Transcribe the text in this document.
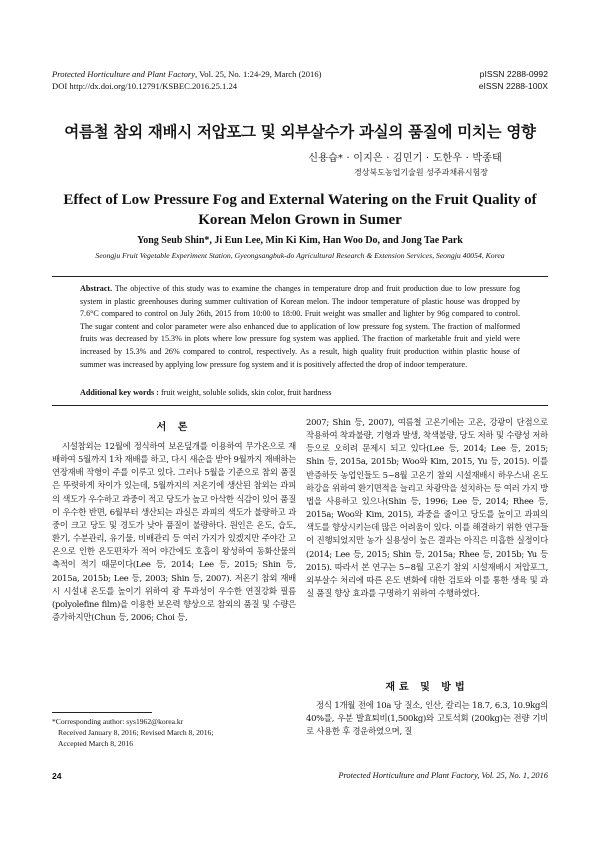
Protected Horticulture and Plant Factory, Vol. 25, No. 1:24-29, March (2016)
DOI http://dx.doi.org/10.12791/KSBEC.2016.25.1.24
pISSN 2288-0992
eISSN 2288-100X
여름철 참외 재배시 저압포그 및 외부살수가 과실의 품질에 미치는 영향
신용습* · 이지은 · 김민기 · 도한우 · 박종태
경상북도농업기술원 성주과채류시험장
Effect of Low Pressure Fog and External Watering on the Fruit Quality of Korean Melon Grown in Sumer
Yong Seub Shin*, Ji Eun Lee, Min Ki Kim, Han Woo Do, and Jong Tae Park
Seongju Fruit Vegetable Experiment Station, Gyeongsangbuk-do Agricultural Research & Extension Services, Seongju 40054, Korea
Abstract. The objective of this study was to examine the changes in temperature drop and fruit production due to low pressure fog system in plastic greenhouses during summer cultivation of Korean melon. The indoor temperature of plastic house was dropped by 7.6°C compared to control on July 26th, 2015 from 10:00 to 18:00. Fruit weight was smaller and lighter by 96g compared to control. The sugar content and color parameter were also enhanced due to application of low pressure fog system. The fraction of malformed fruits was decreased by 15.3% in plots where low pressure fog system was applied. The fraction of marketable fruit and yield were increased by 15.3% and 26% compared to control, respectively. As a result, high quality fruit production within plastic house of summer was increased by applying low pressure fog system and it is positively affected the drop of indoor temperature.
Additional key words : fruit weight, soluble solids, skin color, fruit hardness
서 론

시설참외는 12월에 정식하여 보온덮개를 이용하여 무가온으로 재배하여 5월까지 1차 재배를 하고, 다시 새순을 받아 9월까지 재배하는 연장재배 작형이 주를 이루고 있다. 그러나 5월을 기준으로 참외 품질은 뚜렷하게 차이가 있는데, 5월까지의 저온기에 생산된 참외는 과피의 색도가 우수하고 과중이 적고 당도가 높고 아삭한 식감이 있어 품질이 우수한 반면, 6월부터 생산되는 과실은 과피의 색도가 불량하고 과중이 크고 당도 및 경도가 낮아 품질이 불량하다. 원인은 온도, 습도, 환기, 수분관리, 유기물, 비배관리 등 여러 가지가 있겠지만 주야간 고온으로 인한 온도편차가 적어 야간에도 호흡이 왕성하여 동화산물의 축적이 적기 때문이다(Lee 등, 2014; Lee 등, 2015; Shin 등, 2015a, 2015b; Lee 등, 2003; Shin 등, 2007). 저온기 참외 재배시 시설내 온도를 높이기 위하여 광 투과성이 우수한 연질강화 필름(polyolefine film)을 이용한 보온력 향상으로 참외의 품질 및 수량은 증가하지만(Chun 등, 2006; Choi 등,

2007; Shin 등, 2007), 여름철 고온기에는 고온, 강광이 단점으로 작용하여 착과불량, 기형과 발생, 착색불량, 당도 저하 및 수량성 저하 등으로 오히려 문제시 되고 있다(Lee 등, 2014; Lee 등, 2015; Shin 등, 2015a, 2015b; Woo와 Kim, 2015, Yu 등, 2015). 이를 반증하듯 농업인들도 5~8월 고온기 참외 시설재배시 하우스내 온도하강을 위하여 환기면적을 늘리고 차광막을 설치하는 등 여러 가지 방법을 사용하고 있으나(Shin 등, 1996; Lee 등, 2014; Rhee 등, 2015a; Woo와 Kim, 2015), 과중을 줄이고 당도를 높이고 과피의 색도를 향상시키는데 많은 어려움이 있다. 이를 해결하기 위한 연구들이 진행되었지만 농가 실용성이 높은 결과는 아직은 미흡한 실정이다(2014; Lee 등, 2015; Shin 등, 2015a; Rhee 등, 2015b; Yu 등 2015). 따라서 본 연구는 5~8월 고온기 참외 시설재배시 저압포그, 외부살수 처리에 따른 온도 변화에 대한 검토와 이를 통한 생육 및 과실 품질 향상 효과를 구명하기 위하여 수행하였다.

재료 및 방법

정식 1개월 전에 10a 당 질소, 인산, 칼리는 18.7, 6.3, 10.9kg의 40%를, 우분 발효퇴비(1,500kg)와 고토석회 (200kg)는 전량 기비로 사용한 후 경운하였으며, 질

*Corresponding author: sys1962@korea.kr
Received January 8, 2016; Revised March 8, 2016;
Accepted March 8, 2016
24	Protected Horticulture and Plant Factory, Vol. 25, No. 1, 2016
